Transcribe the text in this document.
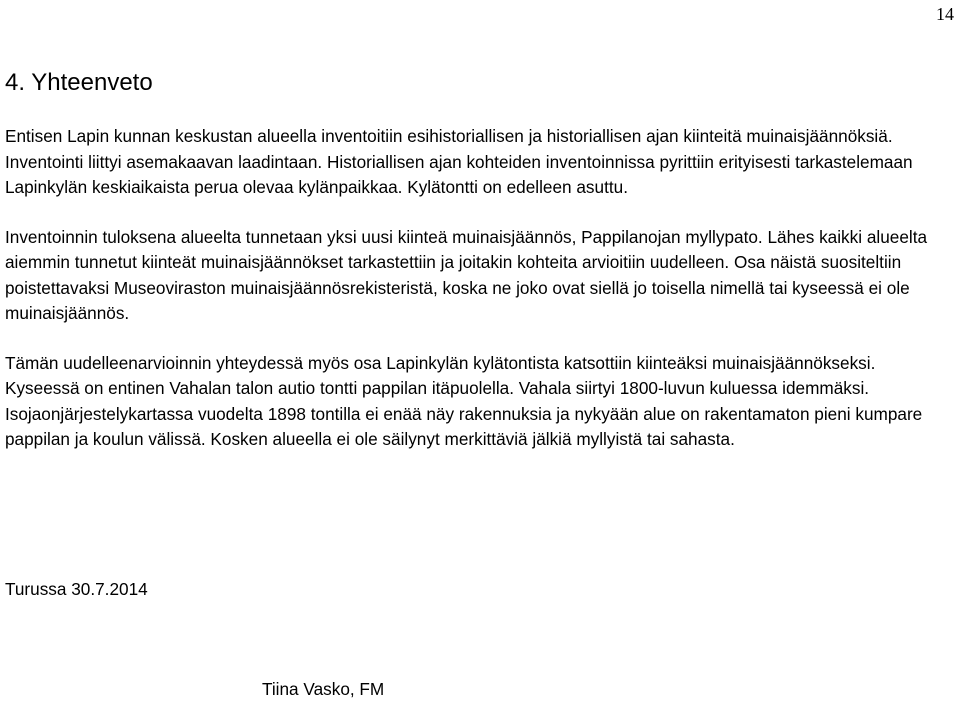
14
4. Yhteenveto

Entisen Lapin kunnan keskustan alueella inventoitiin esihistoriallisen ja historiallisen ajan kiinteitä muinaisjäännöksiä. Inventointi liittyi asemakaavan laadintaan. Historiallisen ajan kohteiden inventoinnissa pyrittiin erityisesti tarkastelemaan Lapinkylän keskiaikaista perua olevaa kylänpaikkaa. Kylätontti on edelleen asuttu.

Inventoinnin tuloksena alueelta tunnetaan yksi uusi kiinteä muinaisjäännös, Pappilanojan myllypato. Lähes kaikki alueelta aiemmin tunnetut kiinteät muinaisjäännökset tarkastettiin ja joitakin kohteita arvioitiin uudelleen. Osa näistä suositeltiin poistettavaksi Museoviraston muinaisjäännösrekisteristä, koska ne joko ovat siellä jo toisella nimellä tai kyseessä ei ole muinaisjäännös.

Tämän uudelleenarvioinnin yhteydessä myös osa Lapinkylän kylätontista katsottiin kiinteäksi muinaisjäännökseksi. Kyseessä on entinen Vahalan talon autio tontti pappilan itäpuolella. Vahala siirtyi 1800-luvun kuluessa idemmäksi. Isojaonjärjestelykartassa vuodelta 1898 tontilla ei enää näy rakennuksia ja nykyään alue on rakentamaton pieni kumpare pappilan ja koulun välissä. Kosken alueella ei ole säilynyt merkittäviä jälkiä myllyistä tai sahasta.

Turussa 30.7.2014
Tiina Vasko, FM
